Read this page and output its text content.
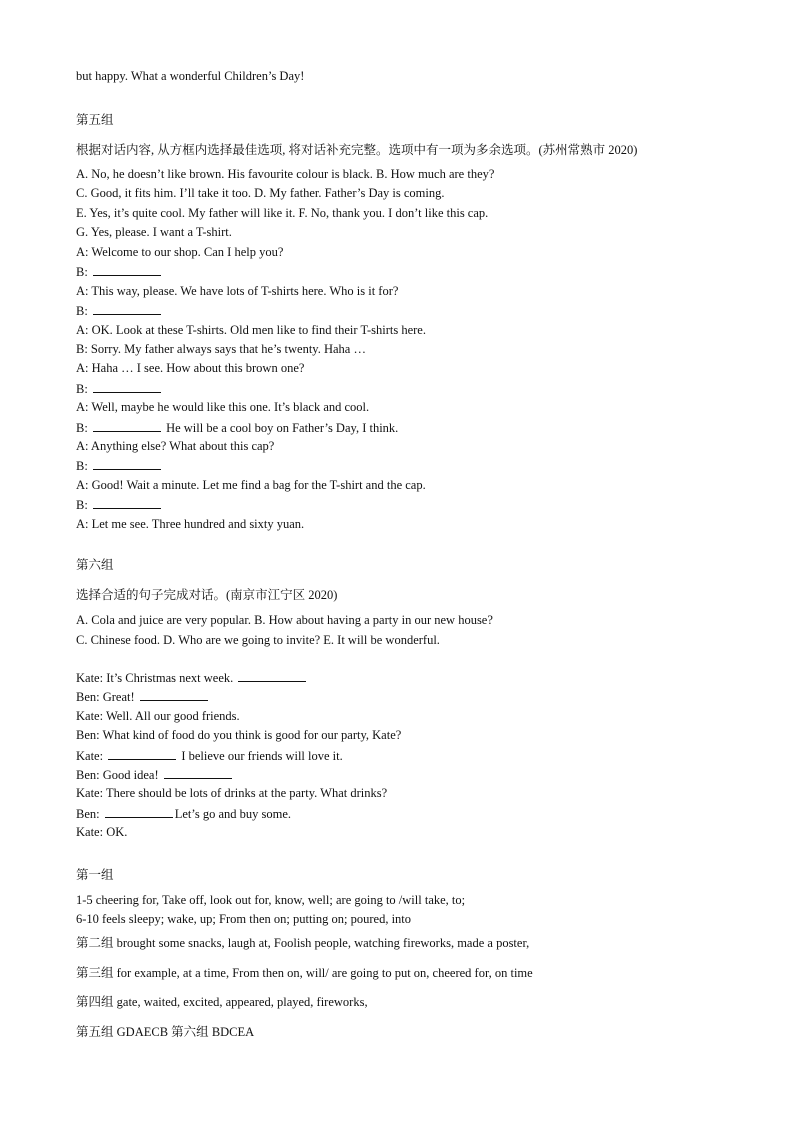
but happy. What a wonderful Children’s Day!
第五组
根据对话内容, 从方框内选择最佳选项, 将对话补充完整。选项中有一项为多余选项。(苏州常熟市 2020)
A. No, he doesn’t like brown. His favourite colour is black. B. How much are they?
C. Good, it fits him. I’ll take it too. D. My father. Father’s Day is coming.
E. Yes, it’s quite cool. My father will like it. F. No, thank you. I don’t like this cap.
G. Yes, please. I want a T-shirt.
A: Welcome to our shop. Can I help you?
B:
A: This way, please. We have lots of T-shirts here. Who is it for?
B:
A: OK. Look at these T-shirts. Old men like to find their T-shirts here.
B: Sorry. My father always says that he’s twenty. Haha …
A: Haha … I see. How about this brown one?
B:
A: Well, maybe he would like this one. It’s black and cool.
B:	He will be a cool boy on Father’s Day, I think.
A: Anything else? What about this cap?
B:
A: Good! Wait a minute. Let me find a bag for the T-shirt and the cap.
B:
A: Let me see. Three hundred and sixty yuan.
第六组
选择合适的句子完成对话。(南京市江宁区 2020)
A. Cola and juice are very popular. B. How about having a party in our new house?
C. Chinese food. D. Who are we going to invite? E. It will be wonderful.
Kate: It’s Christmas next week.
Ben: Great!
Kate: Well. All our good friends.
Ben: What kind of food do you think is good for our party, Kate?
Kate:	I believe our friends will love it.
Ben: Good idea!
Kate: There should be lots of drinks at the party. What drinks?
Ben:	Let’s go and buy some.
Kate: OK.
第一组
1-5 cheering for, Take off, look out for, know, well; are going to /will take, to;
6-10 feels sleepy; wake, up; From then on; putting on; poured, into
第二组 brought some snacks, laugh at, Foolish people, watching fireworks, made a poster,
第三组 for example, at a time, From then on, will/ are going to put on, cheered for, on time
第四组 gate, waited, excited, appeared, played, fireworks,
第五组 GDAECB 第六组 BDCEA
